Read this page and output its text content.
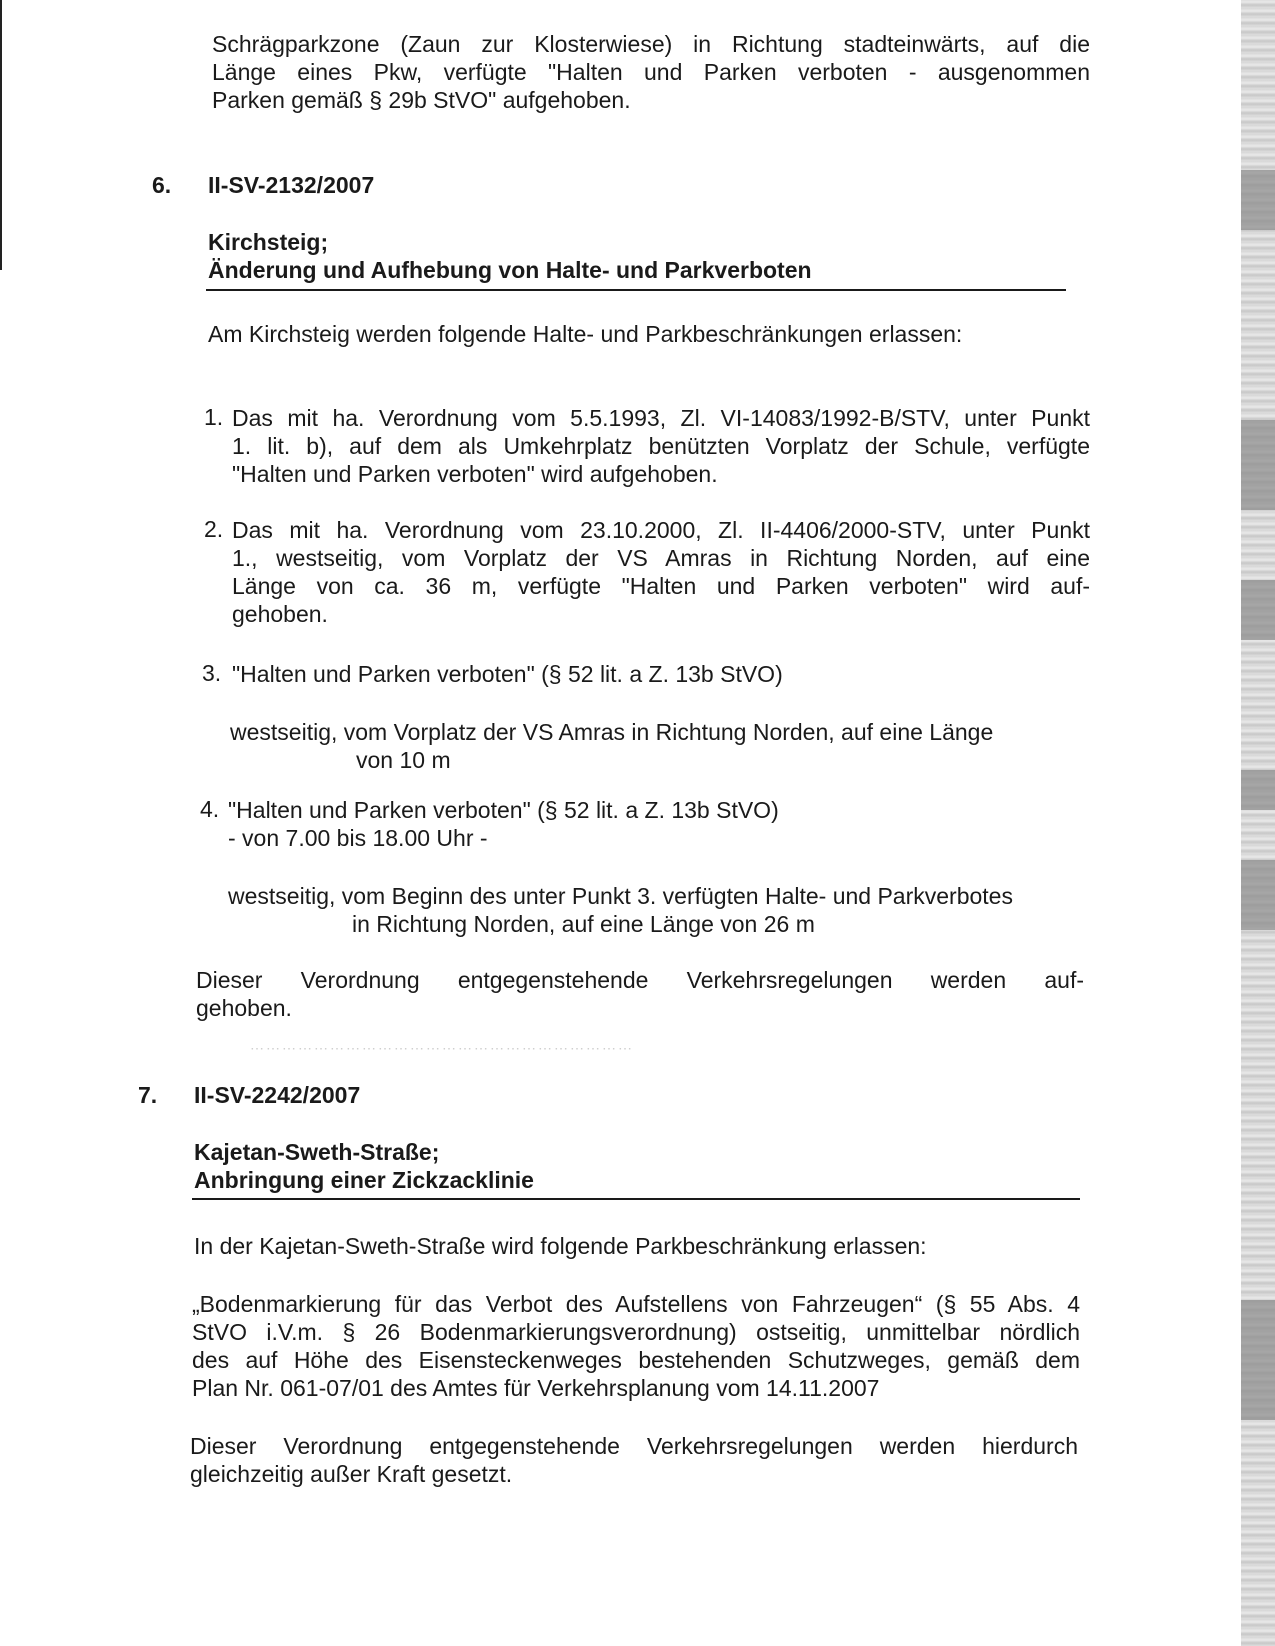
Schrägparkzone (Zaun zur Klosterwiese) in Richtung stadteinwärts, auf die
Länge eines Pkw, verfügte "Halten und Parken verboten - ausgenommen
Parken gemäß § 29b StVO" aufgehoben.
6. II-SV-2132/2007
Kirchsteig;
Änderung und Aufhebung von Halte- und Parkverboten
Am Kirchsteig werden folgende Halte- und Parkbeschränkungen erlassen:
1. Das mit ha. Verordnung vom 5.5.1993, Zl. VI-14083/1992-B/STV, unter Punkt
1. lit. b), auf dem als Umkehrplatz benützten Vorplatz der Schule, verfügte
"Halten und Parken verboten" wird aufgehoben.
2. Das mit ha. Verordnung vom 23.10.2000, Zl. II-4406/2000-STV, unter Punkt
1., westseitig, vom Vorplatz der VS Amras in Richtung Norden, auf eine
Länge von ca. 36 m, verfügte "Halten und Parken verboten" wird auf-
gehoben.
3. "Halten und Parken verboten" (§ 52 lit. a Z. 13b StVO)
westseitig, vom Vorplatz der VS Amras in Richtung Norden, auf eine Länge
von 10 m
4. "Halten und Parken verboten" (§ 52 lit. a Z. 13b StVO)
- von 7.00 bis 18.00 Uhr -
westseitig, vom Beginn des unter Punkt 3. verfügten Halte- und Parkverbotes
in Richtung Norden, auf eine Länge von 26 m
Dieser Verordnung entgegenstehende Verkehrsregelungen werden auf-
gehoben.
⋯⋯⋯⋯⋯⋯⋯⋯⋯⋯⋯⋯⋯⋯⋯⋯⋯⋯⋯⋯⋯⋯⋯⋯
7. II-SV-2242/2007
Kajetan-Sweth-Straße;
Anbringung einer Zickzacklinie
In der Kajetan-Sweth-Straße wird folgende Parkbeschränkung erlassen:
„Bodenmarkierung für das Verbot des Aufstellens von Fahrzeugen“ (§ 55 Abs. 4
StVO i.V.m. § 26 Bodenmarkierungsverordnung) ostseitig, unmittelbar nördlich
des auf Höhe des Eisensteckenweges bestehenden Schutzweges, gemäß dem
Plan Nr. 061-07/01 des Amtes für Verkehrsplanung vom 14.11.2007
Dieser Verordnung entgegenstehende Verkehrsregelungen werden hierdurch
gleichzeitig außer Kraft gesetzt.
